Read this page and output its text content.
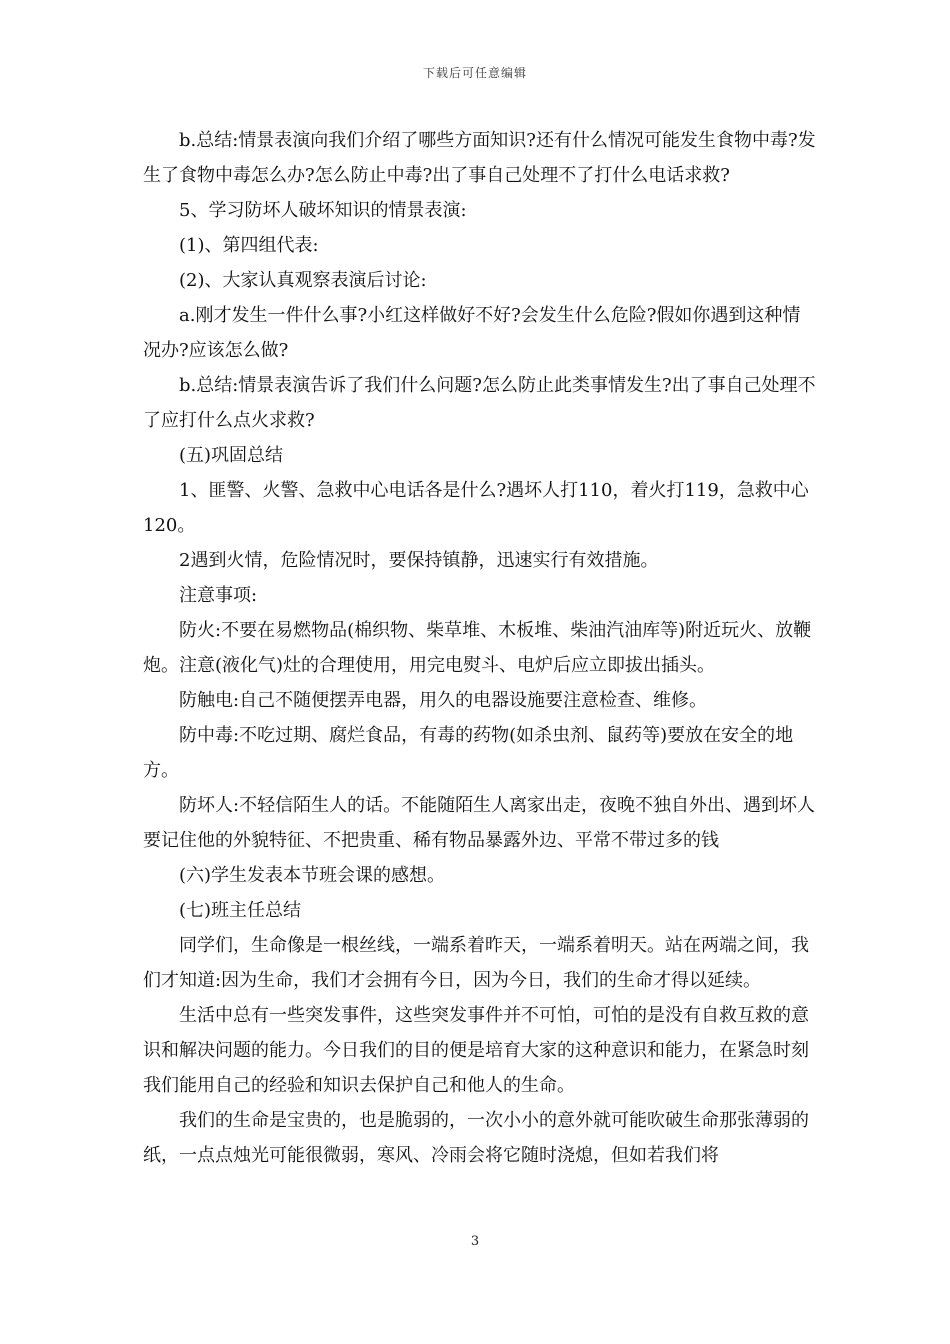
下载后可任意编辑

b.总结:情景表演向我们介绍了哪些方面知识?还有什么情况可能发生食物中毒?发生了食物中毒怎么办?怎么防止中毒?出了事自己处理不了打什么电话求救?

5、学习防坏人破坏知识的情景表演:

(1)、第四组代表:

(2)、大家认真观察表演后讨论:

a.刚才发生一件什么事?小红这样做好不好?会发生什么危险?假如你遇到这种情况办?应该怎么做?

b.总结:情景表演告诉了我们什么问题?怎么防止此类事情发生?出了事自己处理不了应打什么点火求救?

(五)巩固总结

1、匪警、火警、急救中心电话各是什么?遇坏人打110，着火打119，急救中心120。

2遇到火情，危险情况时，要保持镇静，迅速实行有效措施。

注意事项:

防火:不要在易燃物品(棉织物、柴草堆、木板堆、柴油汽油库等)附近玩火、放鞭炮。注意(液化气)灶的合理使用，用完电熨斗、电炉后应立即拔出插头。

防触电:自己不随便摆弄电器，用久的电器设施要注意检查、维修。

防中毒:不吃过期、腐烂食品，有毒的药物(如杀虫剂、鼠药等)要放在安全的地方。

防坏人:不轻信陌生人的话。不能随陌生人离家出走，夜晚不独自外出、遇到坏人要记住他的外貌特征、不把贵重、稀有物品暴露外边、平常不带过多的钱

(六)学生发表本节班会课的感想。

(七)班主任总结

同学们，生命像是一根丝线，一端系着昨天，一端系着明天。站在两端之间，我们才知道:因为生命，我们才会拥有今日，因为今日，我们的生命才得以延续。

生活中总有一些突发事件，这些突发事件并不可怕，可怕的是没有自救互救的意识和解决问题的能力。今日我们的目的便是培育大家的这种意识和能力，在紧急时刻我们能用自己的经验和知识去保护自己和他人的生命。

我们的生命是宝贵的，也是脆弱的，一次小小的意外就可能吹破生命那张薄弱的纸，一点点烛光可能很微弱，寒风、冷雨会将它随时浇熄，但如若我们将

3
